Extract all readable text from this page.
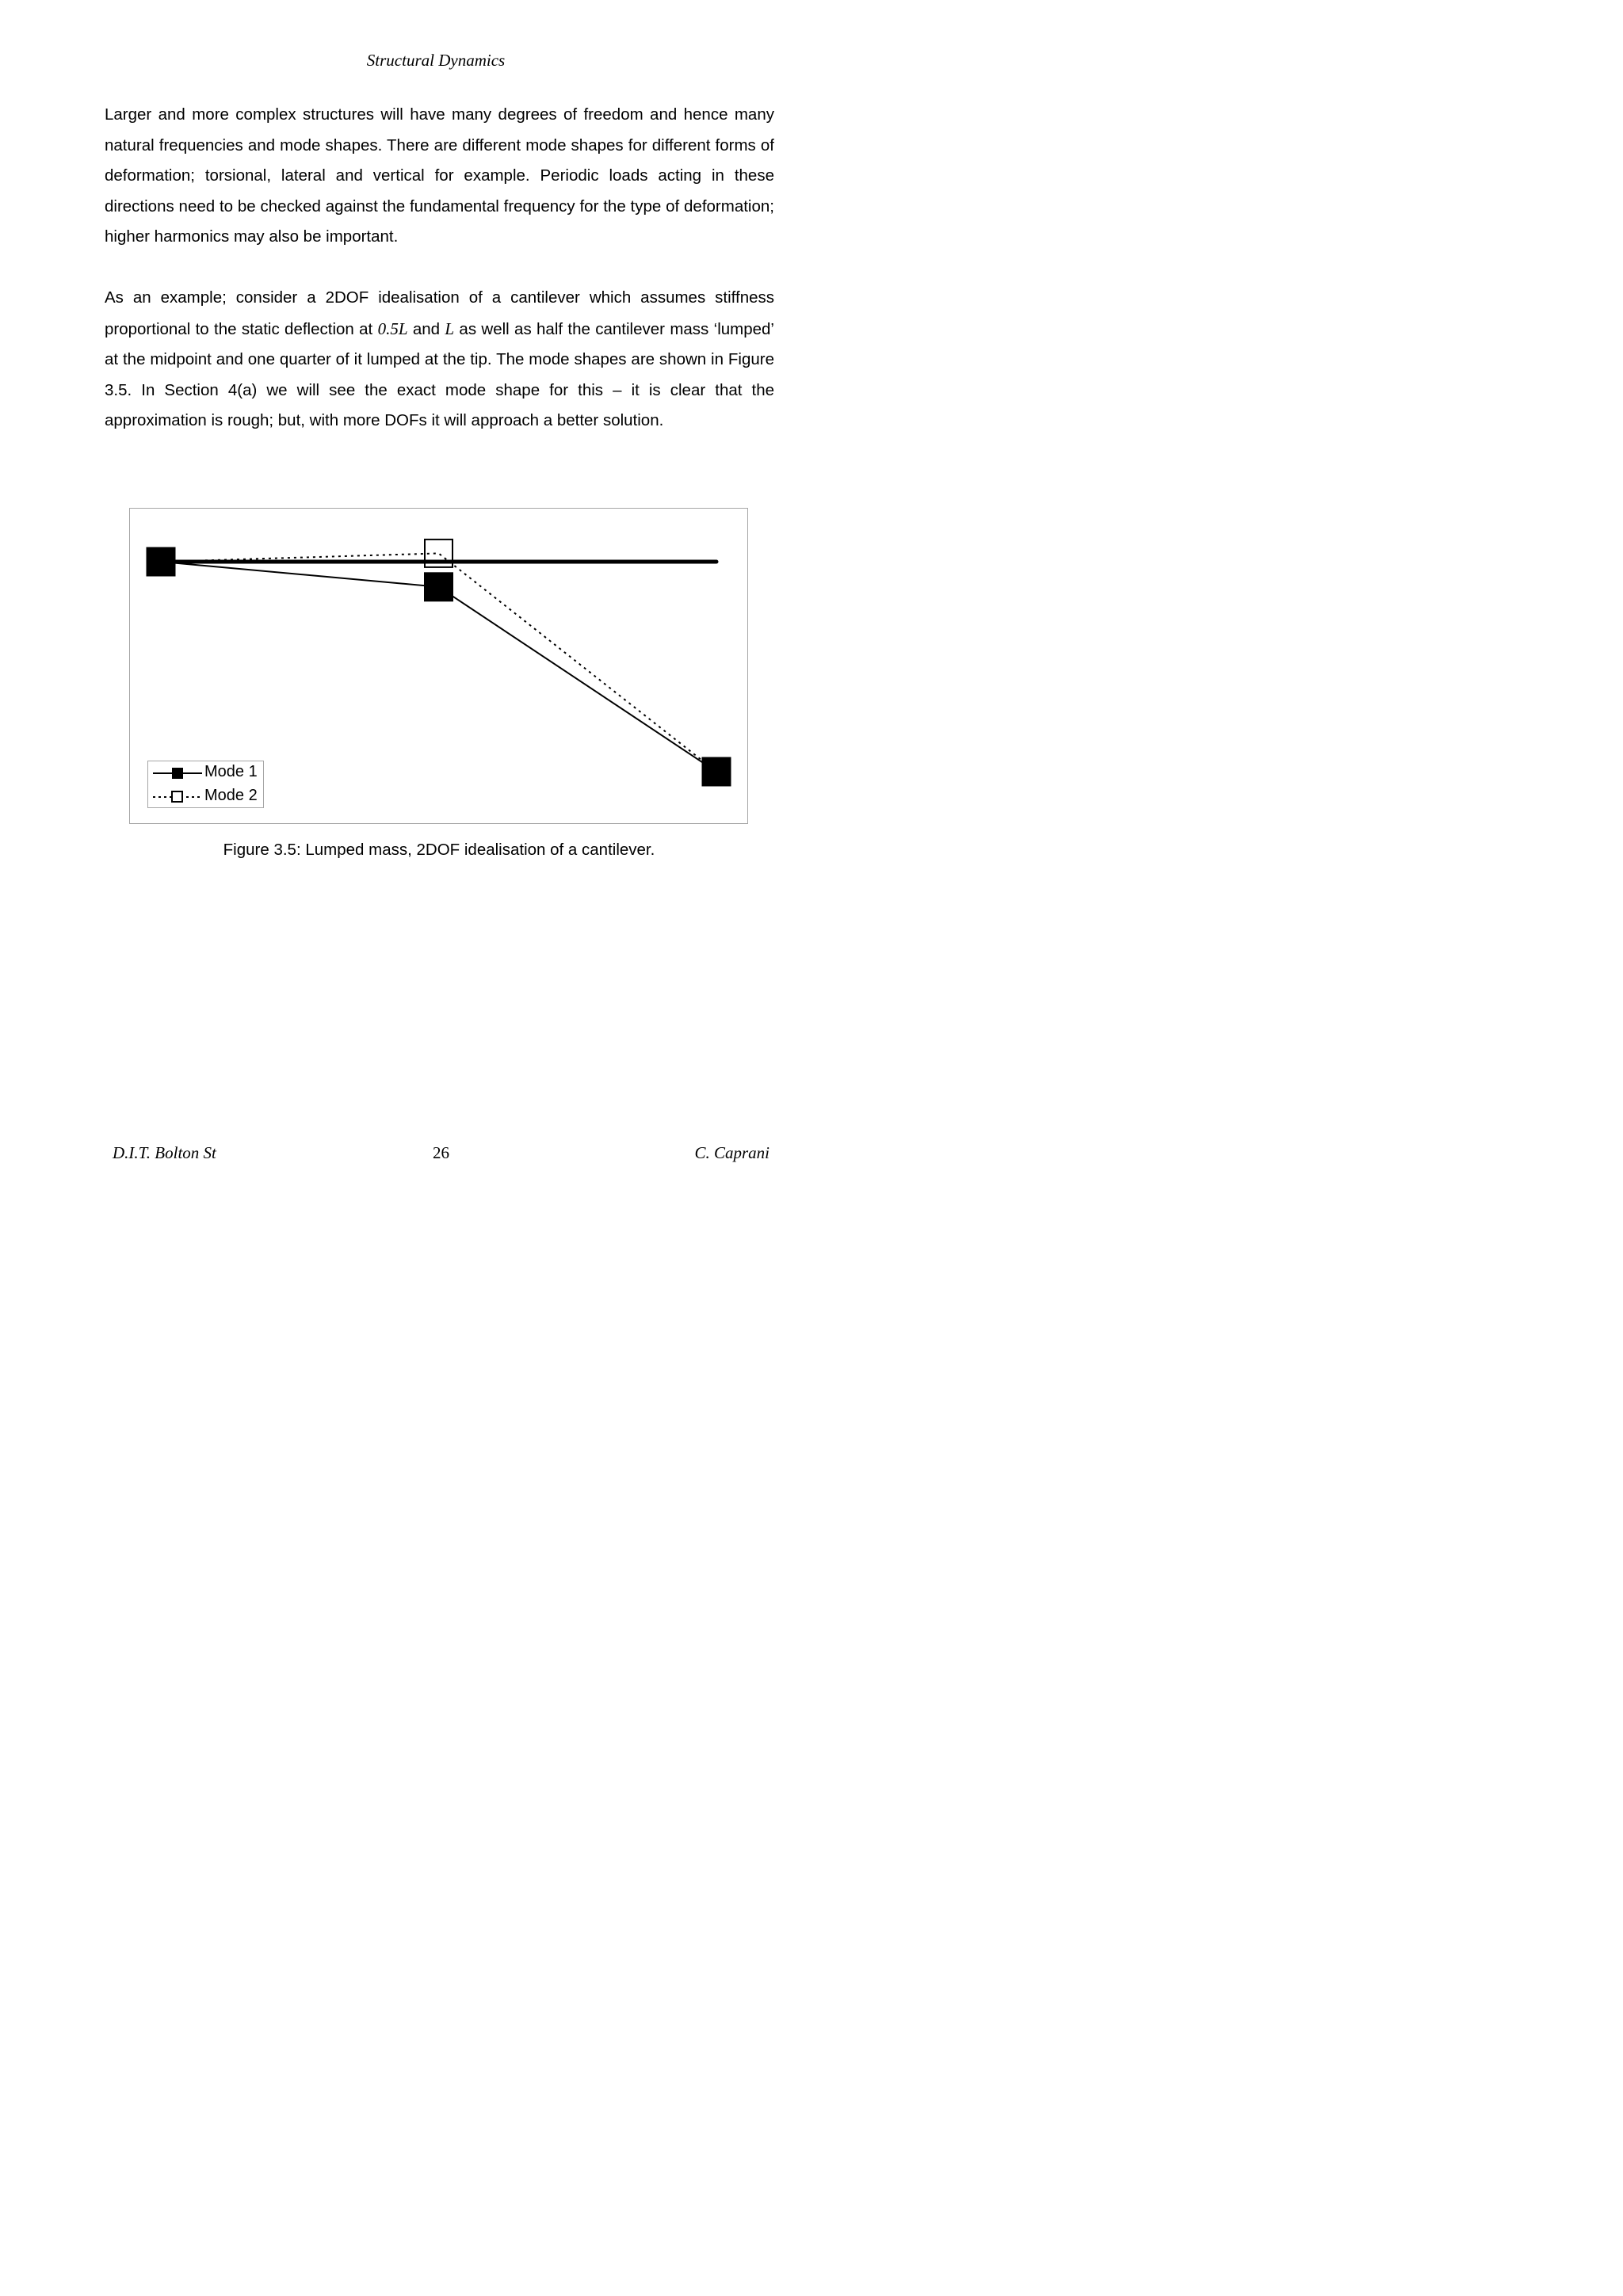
Structural Dynamics

Larger and more complex structures will have many degrees of freedom and hence many natural frequencies and mode shapes. There are different mode shapes for different forms of deformation; torsional, lateral and vertical for example. Periodic loads acting in these directions need to be checked against the fundamental frequency for the type of deformation; higher harmonics may also be important.

As an example; consider a 2DOF idealisation of a cantilever which assumes stiffness proportional to the static deflection at 0.5L and L as well as half the cantilever mass ‘lumped’ at the midpoint and one quarter of it lumped at the tip. The mode shapes are shown in Figure 3.5. In Section 4(a) we will see the exact mode shape for this – it is clear that the approximation is rough; but, with more DOFs it will approach a better solution.

Mode 1
Mode 2
Figure 3.5: Lumped mass, 2DOF idealisation of a cantilever.
D.I.T. Bolton St	26	C. Caprani
